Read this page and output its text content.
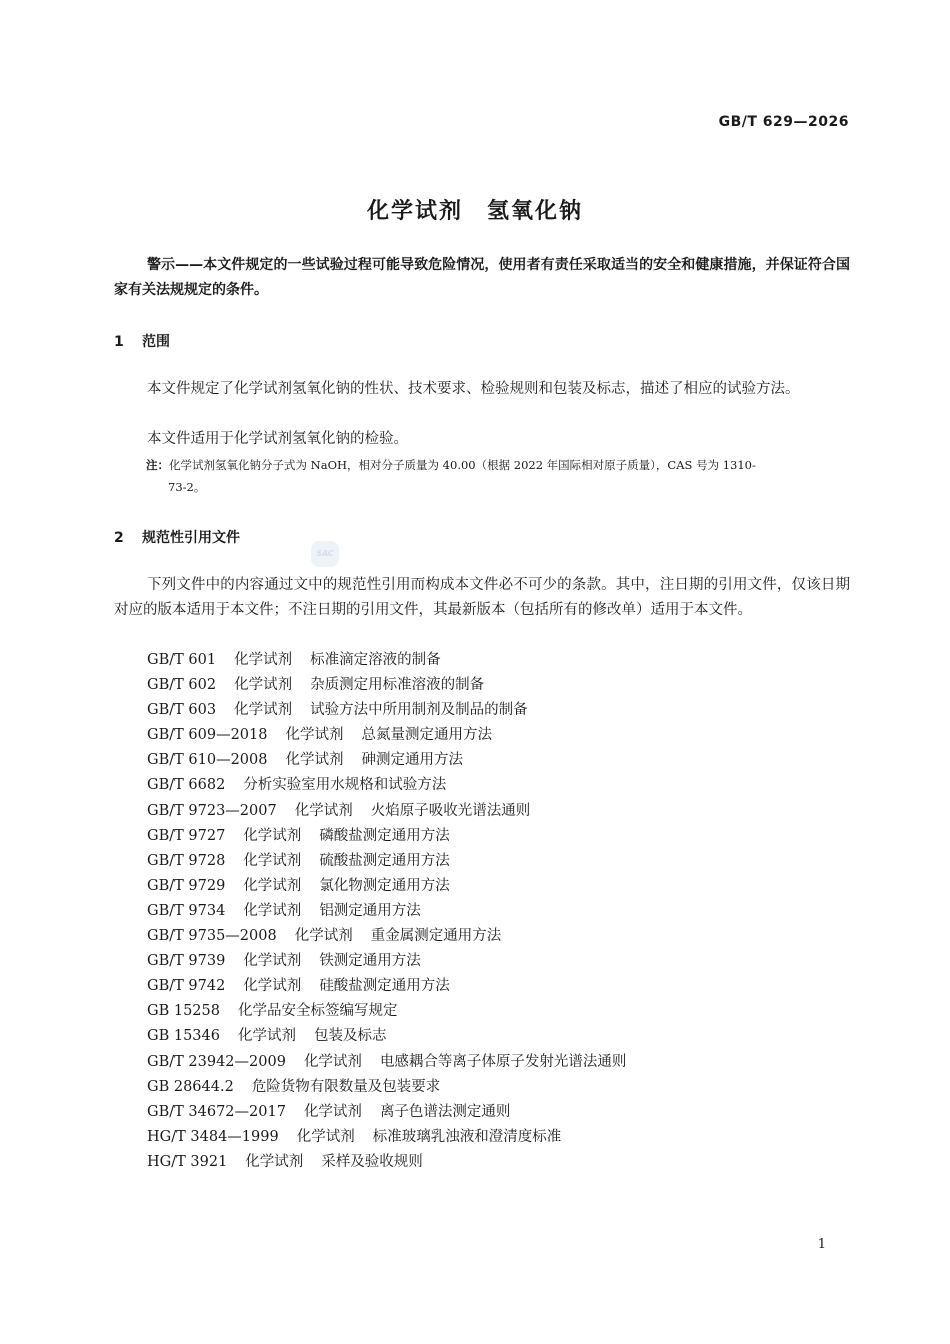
GB/T 629—2026
化学试剂　氢氧化钠
警示——本文件规定的一些试验过程可能导致危险情况，使用者有责任采取适当的安全和健康措施，并保证符合国家有关法规规定的条件。
1 范围
本文件规定了化学试剂氢氧化钠的性状、技术要求、检验规则和包装及标志，描述了相应的试验方法。
本文件适用于化学试剂氢氧化钠的检验。
注：化学试剂氢氧化钠分子式为 NaOH，相对分子质量为 40.00（根据 2022 年国际相对原子质量），CAS 号为 1310-
73-2。
2 规范性引用文件
SAC
下列文件中的内容通过文中的规范性引用而构成本文件必不可少的条款。其中，注日期的引用文件，仅该日期对应的版本适用于本文件；不注日期的引用文件，其最新版本（包括所有的修改单）适用于本文件。
GB/T 601 化学试剂 标准滴定溶液的制备
GB/T 602 化学试剂 杂质测定用标准溶液的制备
GB/T 603 化学试剂 试验方法中所用制剂及制品的制备
GB/T 609—2018 化学试剂 总氮量测定通用方法
GB/T 610—2008 化学试剂 砷测定通用方法
GB/T 6682 分析实验室用水规格和试验方法
GB/T 9723—2007 化学试剂 火焰原子吸收光谱法通则
GB/T 9727 化学试剂 磷酸盐测定通用方法
GB/T 9728 化学试剂 硫酸盐测定通用方法
GB/T 9729 化学试剂 氯化物测定通用方法
GB/T 9734 化学试剂 铝测定通用方法
GB/T 9735—2008 化学试剂 重金属测定通用方法
GB/T 9739 化学试剂 铁测定通用方法
GB/T 9742 化学试剂 硅酸盐测定通用方法
GB 15258 化学品安全标签编写规定
GB 15346 化学试剂 包装及标志
GB/T 23942—2009 化学试剂 电感耦合等离子体原子发射光谱法通则
GB 28644.2 危险货物有限数量及包装要求
GB/T 34672—2017 化学试剂 离子色谱法测定通则
HG/T 3484—1999 化学试剂 标准玻璃乳浊液和澄清度标准
HG/T 3921 化学试剂 采样及验收规则
1
